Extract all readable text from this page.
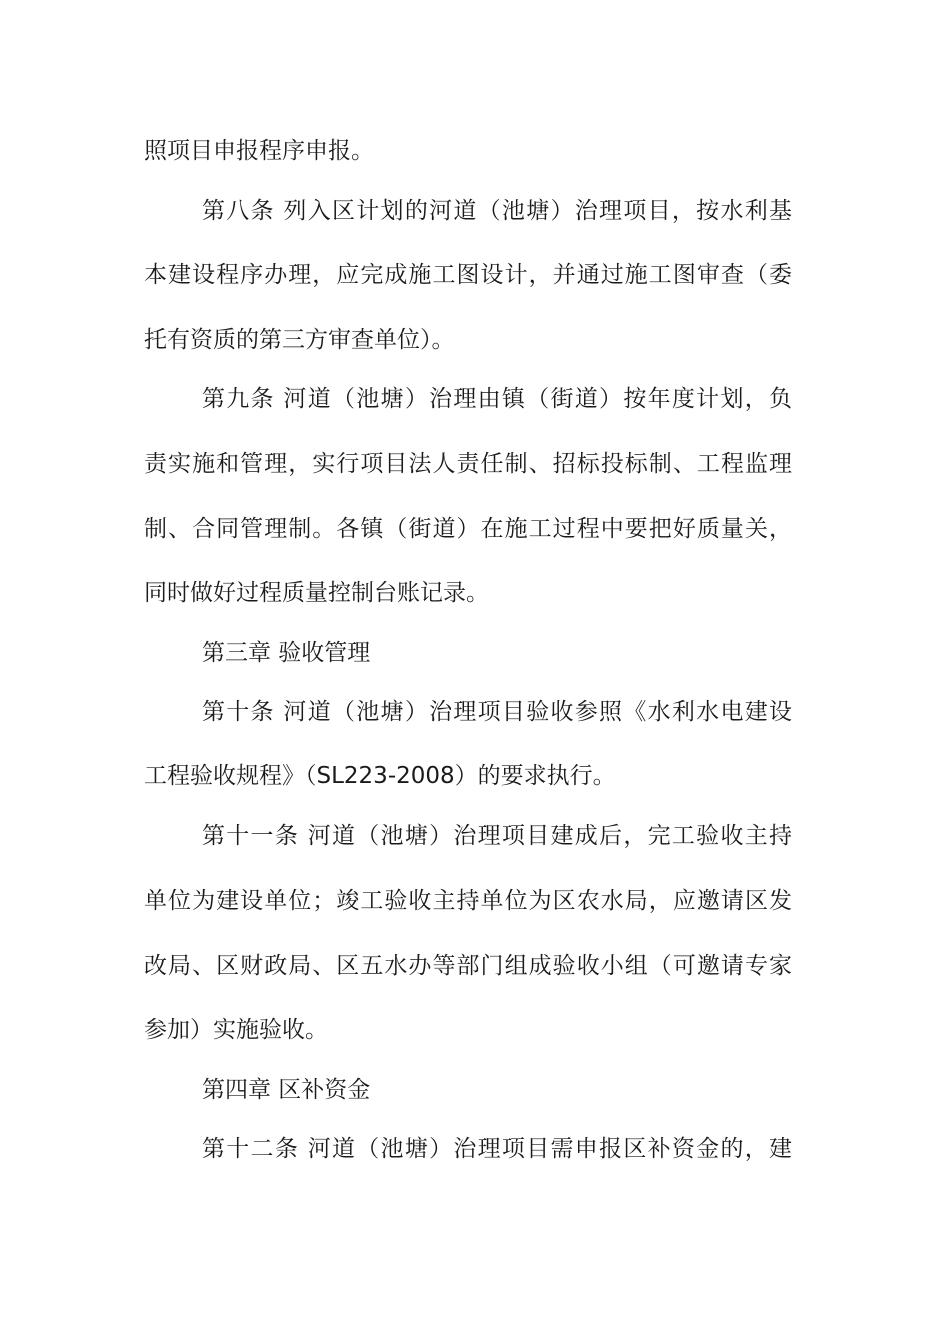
照项目申报程序申报。
第八条 列入区计划的河道（池塘）治理项目，按水利基
本建设程序办理，应完成施工图设计，并通过施工图审查（委
托有资质的第三方审查单位）。
第九条 河道（池塘）治理由镇（街道）按年度计划，负
责实施和管理，实行项目法人责任制、招标投标制、工程监理
制、合同管理制。各镇（街道）在施工过程中要把好质量关，
同时做好过程质量控制台账记录。
第三章 验收管理
第十条 河道（池塘）治理项目验收参照《水利水电建设
工程验收规程》（SL223-2008）的要求执行。
第十一条 河道（池塘）治理项目建成后，完工验收主持
单位为建设单位；竣工验收主持单位为区农水局，应邀请区发
改局、区财政局、区五水办等部门组成验收小组（可邀请专家
参加）实施验收。
第四章 区补资金
第十二条 河道（池塘）治理项目需申报区补资金的，建
